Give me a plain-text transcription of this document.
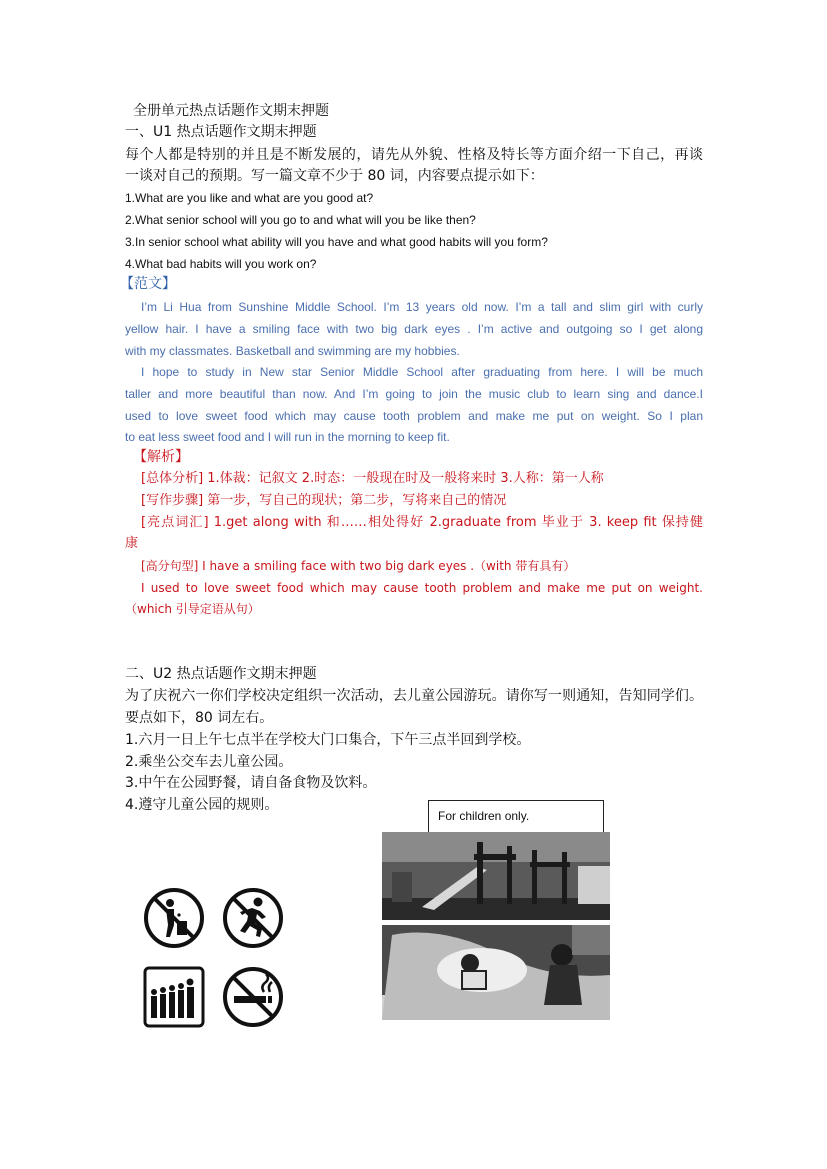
全册单元热点话题作文期末押题
一、U1 热点话题作文期末押题
每个人都是特别的并且是不断发展的，请先从外貌、性格及特长等方面介绍一下自己，再谈
一谈对自己的预期。写一篇文章不少于 80 词，内容要点提示如下：
1.What are you like and what are you good at?
2.What senior school will you go to and what will you be like then?
3.In senior school what ability will you have and what good habits will you form?
4.What bad habits will you work on?
【范文】
I’m Li Hua from Sunshine Middle School. I’m 13 years old now. I’m a tall and slim girl with curly
yellow hair. I have a smiling face with two big dark eyes . I’m active and outgoing so I get along
with my classmates. Basketball and swimming are my hobbies.
I hope to study in New star Senior Middle School after graduating from here. I will be much
taller and more beautiful than now. And I’m going to join the music club to learn sing and dance.I
used to love sweet food which may cause tooth problem and make me put on weight. So I plan
to eat less sweet food and I will run in the morning to keep fit.
【解析】
[总体分析] 1.体裁：记叙文 2.时态：一般现在时及一般将来时 3.人称：第一人称
[写作步骤] 第一步，写自己的现状；第二步，写将来自己的情况
[亮点词汇] 1.get along with 和……相处得好 2.graduate from 毕业于 3. keep fit 保持健
康
[高分句型] I have a smiling face with two big dark eyes .（with 带有具有）
I used to love sweet food which may cause tooth problem and make me put on weight.
（which 引导定语从句）
二、U2 热点话题作文期末押题
为了庆祝六一你们学校决定组织一次活动，去儿童公园游玩。请你写一则通知，告知同学们。
要点如下，80 词左右。
1.六月一日上午七点半在学校大门口集合，下午三点半回到学校。
2.乘坐公交车去儿童公园。
3.中午在公园野餐，请自备食物及饮料。
4.遵守儿童公园的规则。
For children only.
